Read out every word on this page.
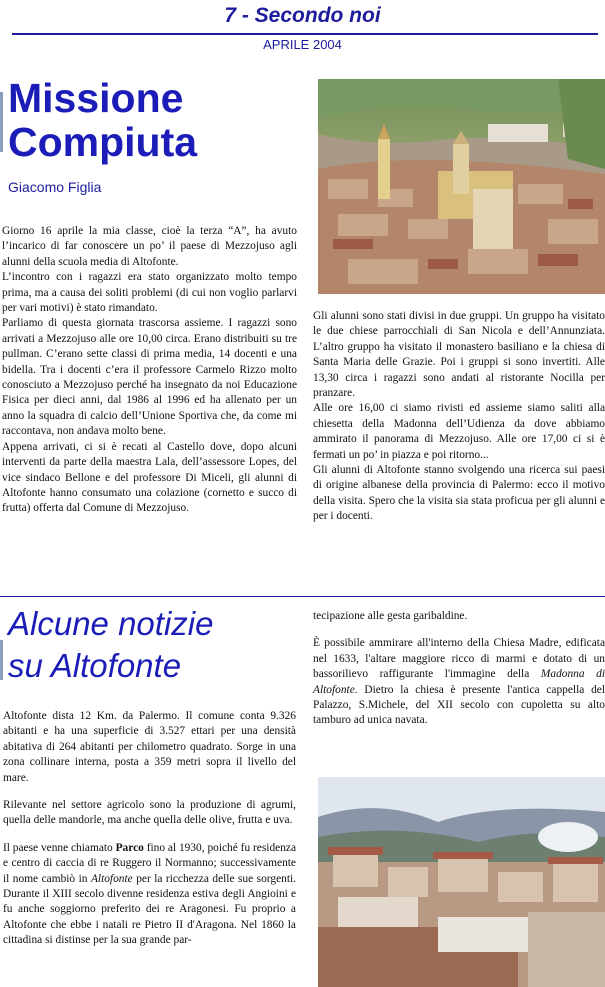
7 - Secondo noi
APRILE 2004
Missione
Compiuta
Giacomo Figlia

Giorno 16 aprile la mia classe, cioè la terza “A”, ha avuto l’incarico di far conoscere un po’ il paese di Mezzojuso agli alunni della scuola media di Altofonte.

L’incontro con i ragazzi era stato organizzato molto tempo prima, ma a causa dei soliti problemi (di cui non voglio parlarvi per vari motivi) è stato rimandato.

Parliamo di questa giornata trascorsa assieme. I ragazzi sono arrivati a Mezzojuso alle ore 10,00 circa. Erano distribuiti su tre pullman. C’erano sette classi di prima media, 14 docenti e una bidella. Tra i docenti c’era il professore Carmelo Rizzo molto conosciuto a Mezzojuso perché ha insegnato da noi Educazione Fisica per dieci anni, dal 1986 al 1996 ed ha allenato per un anno la squadra di calcio dell’Unione Sportiva che, da come mi raccontava, non andava molto bene.

Appena arrivati, ci si è recati al Castello dove, dopo alcuni interventi da parte della maestra Lala, dell’assessore Lopes, del vice sindaco Bellone e del professore Di Miceli, gli alunni di Altofonte hanno consumato una colazione (cornetto e succo di frutta) offerta dal Comune di Mezzojuso.

Gli alunni sono stati divisi in due gruppi. Un gruppo ha visitato le due chiese parrocchiali di San Nicola e dell’Annunziata. L’altro gruppo ha visitato il monastero basiliano e la chiesa di Santa Maria delle Grazie. Poi i gruppi si sono invertiti. Alle 13,30 circa i ragazzi sono andati al ristorante Nocilla per pranzare.

Alle ore 16,00 ci siamo rivisti ed assieme siamo saliti alla chiesetta della Madonna dell’Udienza da dove abbiamo ammirato il panorama di Mezzojuso. Alle ore 17,00 ci si è fermati un po’ in piazza e poi ritorno...

Gli alunni di Altofonte stanno svolgendo una ricerca sui paesi di origine albanese della provincia di Palermo: ecco il motivo della visita. Spero che la visita sia stata proficua per gli alunni e per i docenti.

Alcune notizie
su Altofonte

Altofonte dista 12 Km. da Palermo. Il comune conta 9.326 abitanti e ha una superficie di 3.527 ettari per una densità abitativa di 264 abitanti per chilometro quadrato. Sorge in una zona collinare interna, posta a 359 metri sopra il livello del mare.

Rilevante nel settore agricolo sono la produzione di agrumi, quella delle mandorle, ma anche quella delle olive, frutta e uva.

Il paese venne chiamato Parco fino al 1930, poiché fu residenza e centro di caccia di re Ruggero il Normanno; successivamente il nome cambiò in Altofonte per la ricchezza delle sue sorgenti. Durante il XIII secolo divenne residenza estiva degli Angioini e fu anche soggiorno preferito dei re Aragonesi. Fu proprio a Altofonte che ebbe i natali re Pietro II d'Aragona. Nel 1860 la cittadina si distinse per la sua grande par-

tecipazione alle gesta garibaldine.

È possibile ammirare all'interno della Chiesa Madre, edificata nel 1633, l'altare maggiore ricco di marmi e dotato di un bassorilievo raffigurante l'immagine della Madonna di Altofonte. Dietro la chiesa è presente l'antica cappella del Palazzo, S.Michele, del XII secolo con cupoletta su alto tamburo ad unica navata.
